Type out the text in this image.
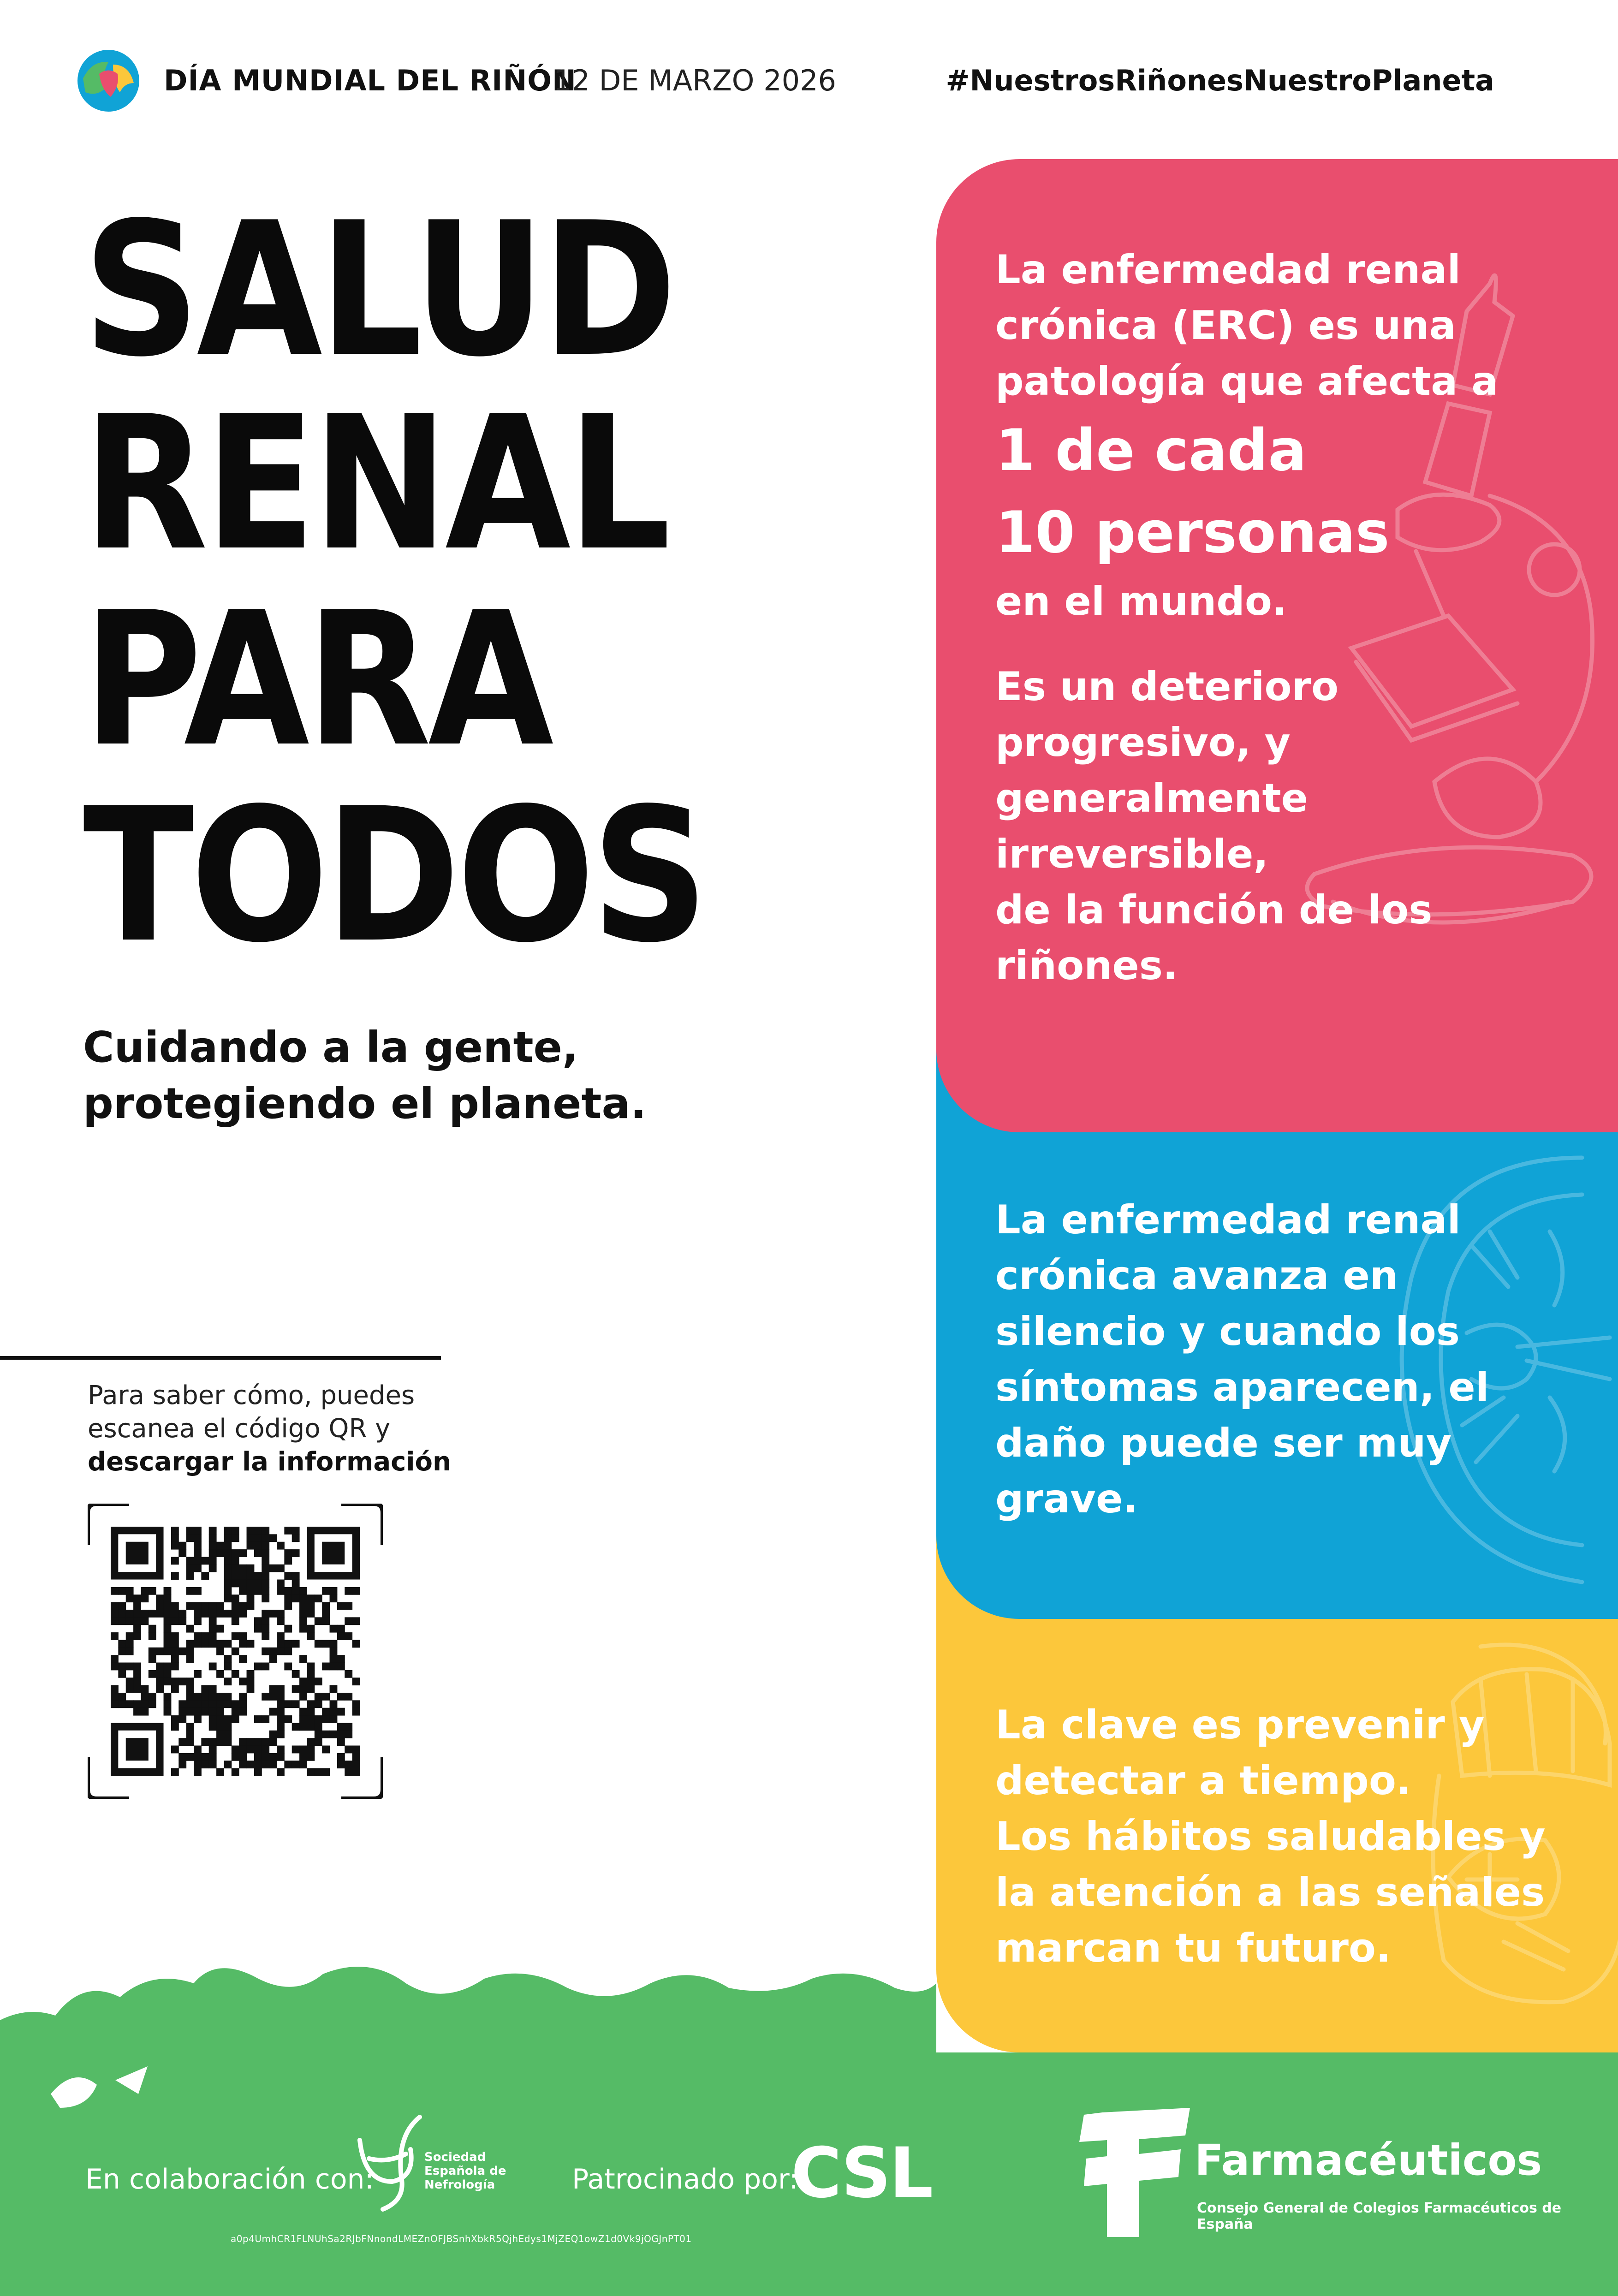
DÍA MUNDIAL DEL RIÑÓN
12 DE MARZO 2026	#NuestrosRiñonesNuestroPlaneta
SALUD
RENAL
PARA
TODOS
Cuidando a la gente,
protegiendo el planeta.
Para saber cómo, puedes
escanea el código QR y
descargar la información
La enfermedad renal
crónica (ERC) es una
patología que afecta a
1 de cada
10 personas
en el mundo.
Es un deterioro
progresivo, y
generalmente
irreversible,
de la función de los
riñones.
La enfermedad renal
crónica avanza en
silencio y cuando los
síntomas aparecen, el
daño puede ser muy
grave.
La clave es prevenir y
detectar a tiempo.
Los hábitos saludables y
la atención a las señales
marcan tu futuro.
En colaboración con:
Sociedad
Española de
Nefrología	Patrocinado por:
CSL	Farmacéuticos
Consejo General de Colegios Farmacéuticos de España
a0p4UmhCR1FLNUhSa2RJbFNnondLMEZnOFJBSnhXbkR5QjhEdys1MjZEQ1owZ1d0Vk9jOGJnPT01
